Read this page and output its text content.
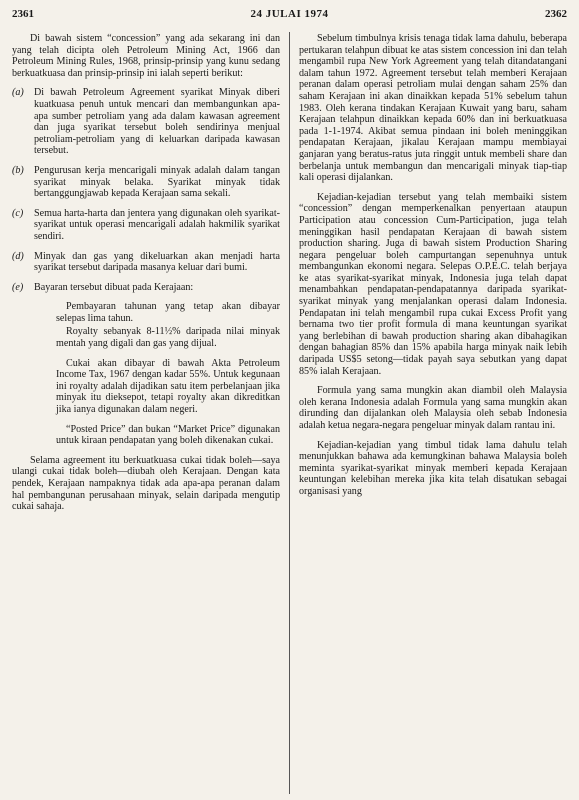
2361	24 JULAI 1974	2362

Di bawah sistem “concession” yang ada sekarang ini dan yang telah dicipta oleh Petroleum Mining Act, 1966 dan Petroleum Mining Rules, 1968, prinsip-prinsip yang kunu sedang berkuatkuasa dan prinsip-prinsip ini ialah seperti berikut:

(a) Di bawah Petroleum Agreement syarikat Minyak diberi kuatkuasa penuh untuk mencari dan membangunkan apa-apa sumber petroliam yang ada dalam kawasan agreement dan juga syarikat tersebut boleh sendirinya menjual petroliam-petroliam yang di keluarkan daripada kawasan tersebut.
(b) Pengurusan kerja mencarigali minyak adalah dalam tangan syarikat minyak belaka. Syarikat minyak tidak bertanggungjawab kepada Kerajaan sama sekali.
(c) Semua harta-harta dan jentera yang digunakan oleh syarikat-syarikat untuk operasi mencarigali adalah hakmilik syarikat sendiri.
(d) Minyak dan gas yang dikeluarkan akan menjadi harta syarikat tersebut daripada masanya keluar dari bumi.
(e) Bayaran tersebut dibuat pada Kerajaan:

Pembayaran tahunan yang tetap akan dibayar selepas lima tahun.

Royalty sebanyak 8-11½% daripada nilai minyak mentah yang digali dan gas yang dijual.

Cukai akan dibayar di bawah Akta Petroleum Income Tax, 1967 dengan kadar 55%. Untuk kegunaan ini royalty adalah dijadikan satu item perbelanjaan jika minyak itu dieksepot, tetapi royalty akan dikreditkan jika ianya digunakan dalam negeri.

“Posted Price” dan bukan “Market Price” digunakan untuk kiraan pendapatan yang boleh dikenakan cukai.

Selama agreement itu berkuatkuasa cukai tidak boleh—saya ulangi cukai tidak boleh—diubah oleh Kerajaan. Dengan kata pendek, Kerajaan nampaknya tidak ada apa-apa peranan dalam hal pembangunan perusahaan minyak, selain daripada mengutip cukai sahaja.

Sebelum timbulnya krisis tenaga tidak lama dahulu, beberapa pertukaran telahpun dibuat ke atas sistem concession ini dan telah mengambil rupa New York Agreement yang telah ditandatangani dalam tahun 1972. Agreement tersebut telah memberi Kerajaan peranan dalam operasi petroliam mulai dengan saham 25% dan saham Kerajaan ini akan dinaikkan kepada 51% sebelum tahun 1983. Oleh kerana tindakan Kerajaan Kuwait yang baru, saham Kerajaan telahpun dinaikkan kepada 60% dan ini berkuatkuasa pada 1-1-1974. Akibat semua pindaan ini boleh meninggikan pendapatan Kerajaan, jikalau Kerajaan mampu membiayai ganjaran yang beratus-ratus juta ringgit untuk membeli share dan berbelanja untuk membangun dan mencarigali minyak tiap-tiap kali operasi dijalankan.

Kejadian-kejadian tersebut yang telah membaiki sistem “concession” dengan memperkenalkan penyertaan ataupun Participation atau concession Cum-Participation, juga telah meninggikan hasil pendapatan Kerajaan di bawah sistem production sharing. Juga di bawah sistem Production Sharing negara pengeluar boleh campurtangan sepenuhnya untuk membangunkan ekonomi negara. Selepas O.P.E.C. telah berjaya ke atas syarikat-syarikat minyak, Indonesia juga telah dapat menambahkan pendapatan-pendapatannya daripada syarikat-syarikat minyak yang menjalankan operasi dalam Indonesia. Pendapatan ini telah mengambil rupa cukai Excess Profit yang bernama two tier profit formula di mana keuntungan syarikat yang berlebihan di bawah production sharing akan dibahagikan dengan bahagian 85% dan 15% apabila harga minyak naik lebih daripada US$5 setong—tidak payah saya sebutkan yang dapat 85% ialah Kerajaan.

Formula yang sama mungkin akan diambil oleh Malaysia oleh kerana Indonesia adalah Formula yang sama mungkin akan dirunding dan dijalankan oleh Malaysia oleh sebab Indonesia adalah ketua negara-negara pengeluar minyak dalam rantau ini.

Kejadian-kejadian yang timbul tidak lama dahulu telah menunjukkan bahawa ada kemungkinan bahawa Malaysia boleh meminta syarikat-syarikat minyak memberi kepada Kerajaan keuntungan kelebihan mereka jika kita telah disatukan sebagai organisasi yang
